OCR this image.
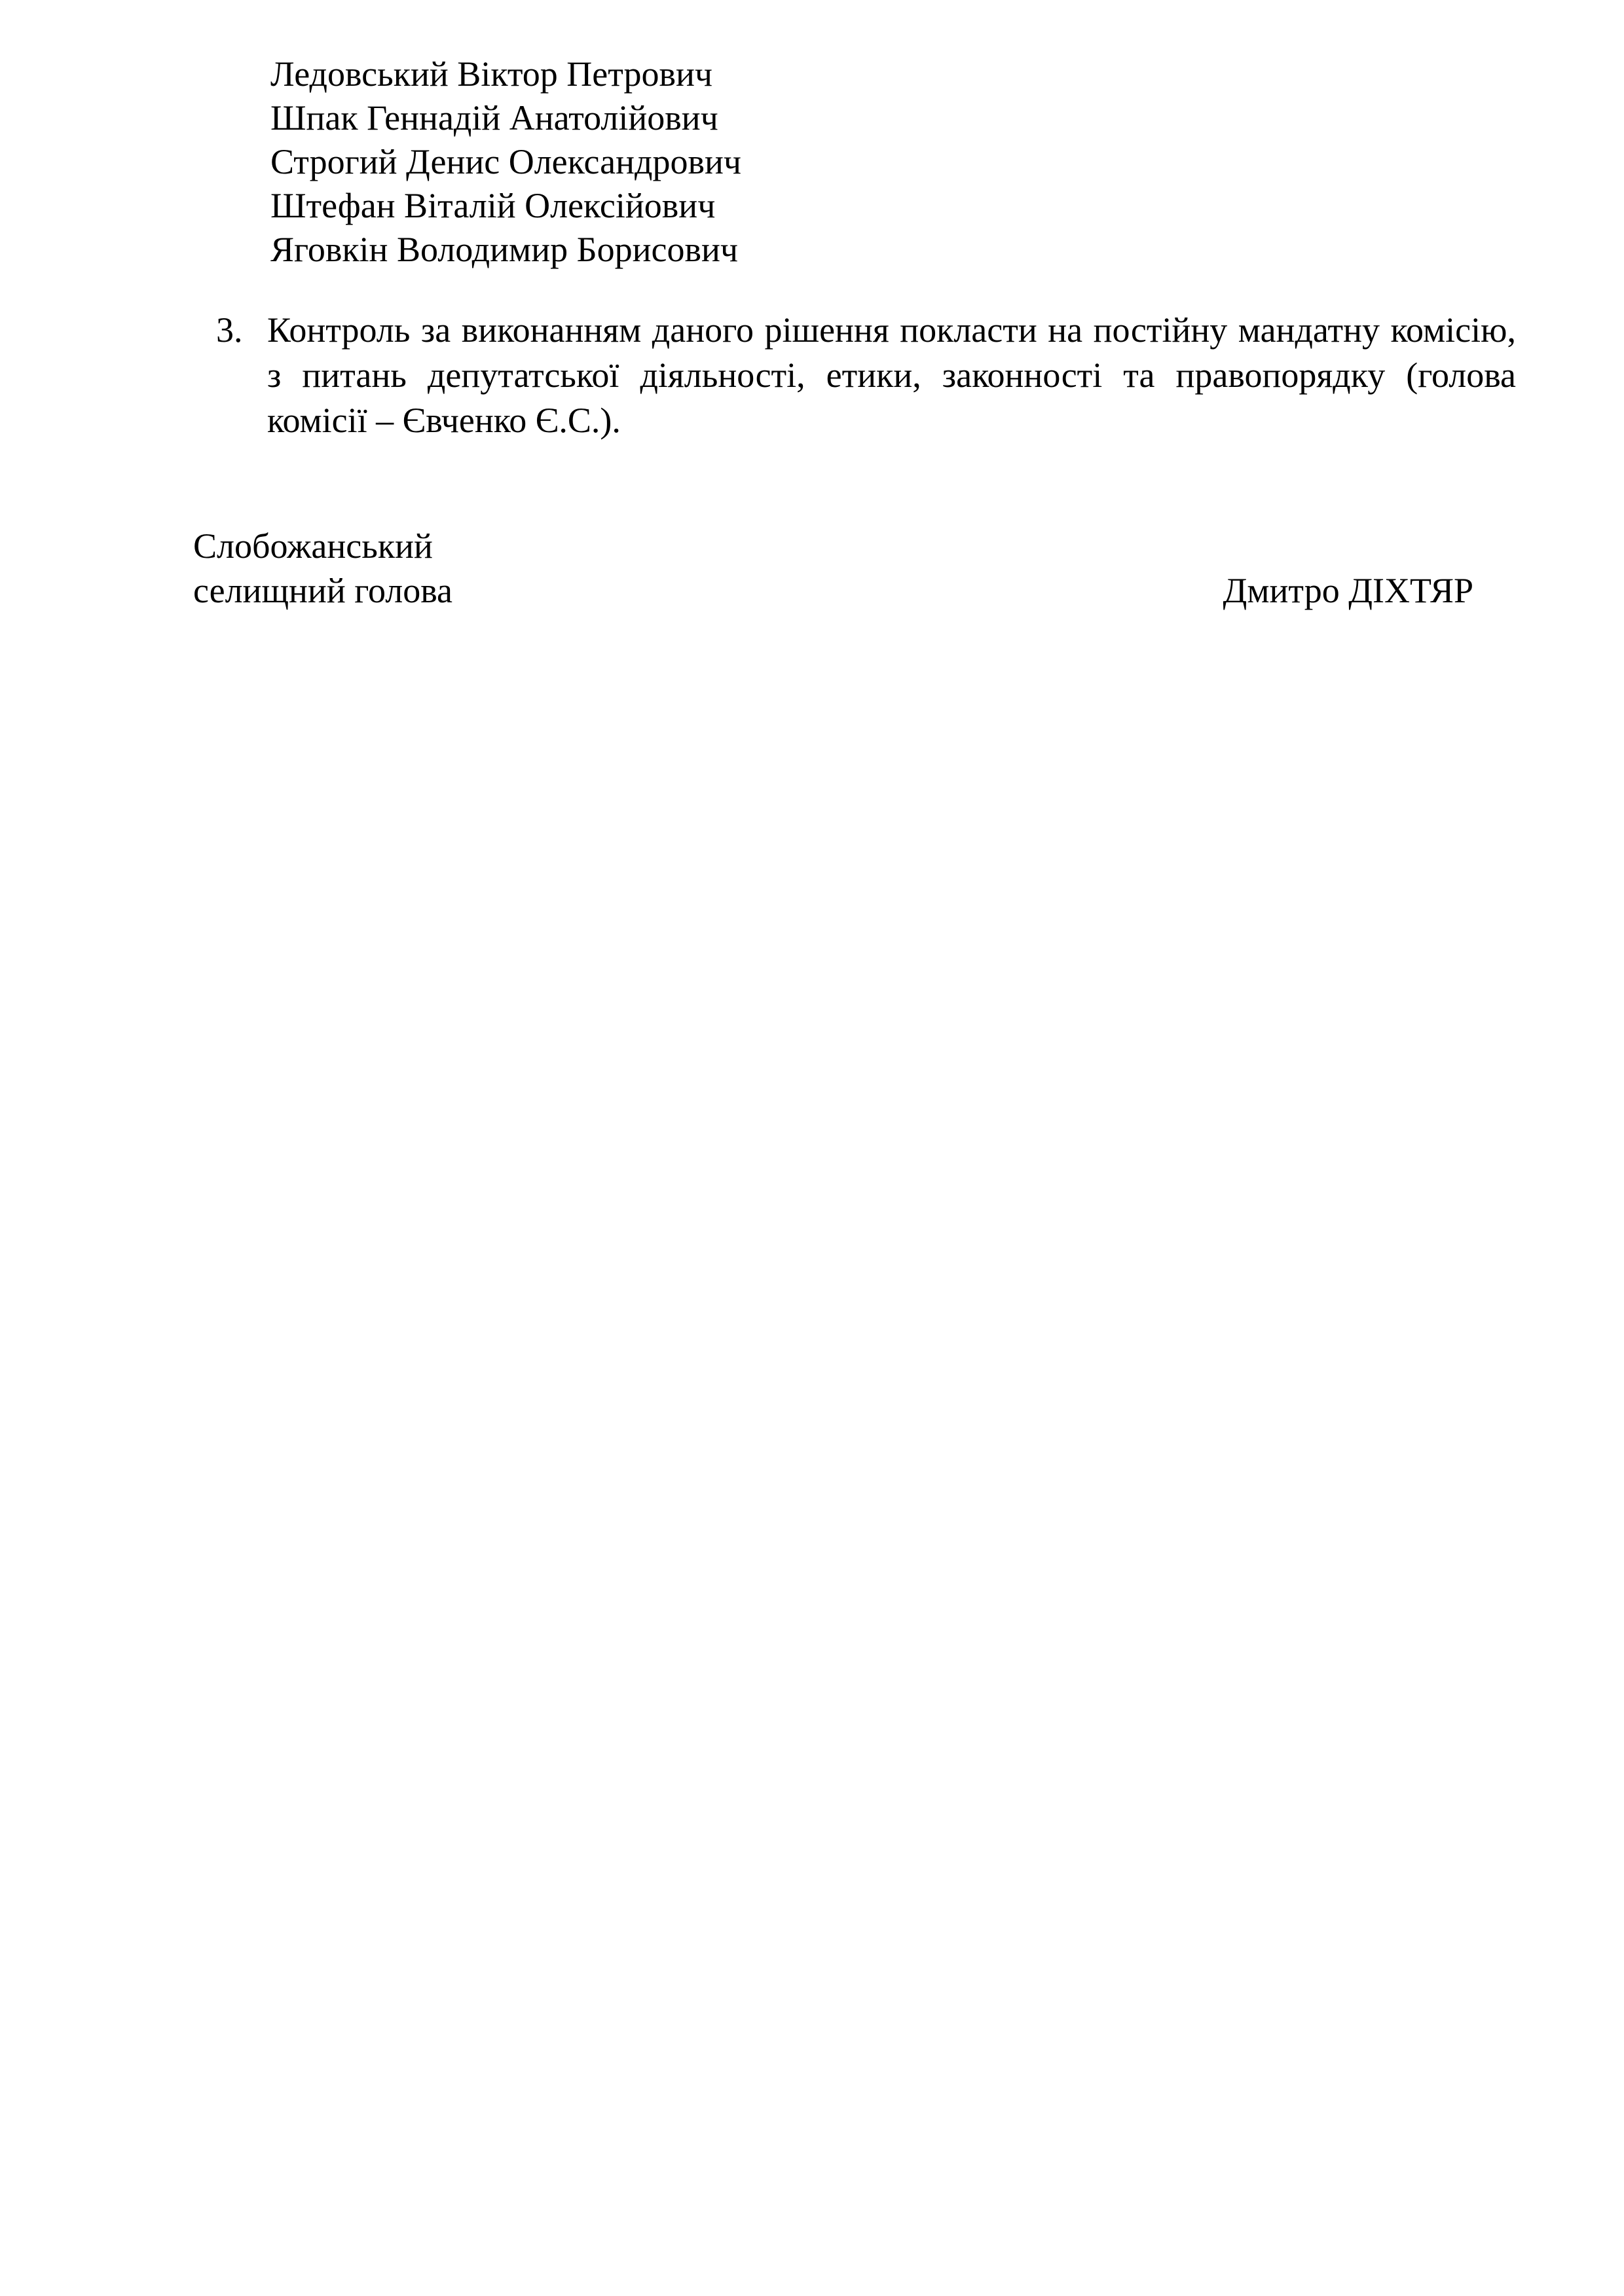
Ледовський Віктор Петрович
Шпак Геннадій Анатолійович
Строгий Денис Олександрович
Штефан Віталій Олексійович
Яговкін Володимир Борисович
3. Контроль за виконанням даного рішення покласти на постійну мандатну комісію, з питань депутатської діяльності, етики, законності та правопорядку (голова комісії – Євченко Є.С.).
Слобожанський
селищний голова	Дмитро ДІХТЯР
